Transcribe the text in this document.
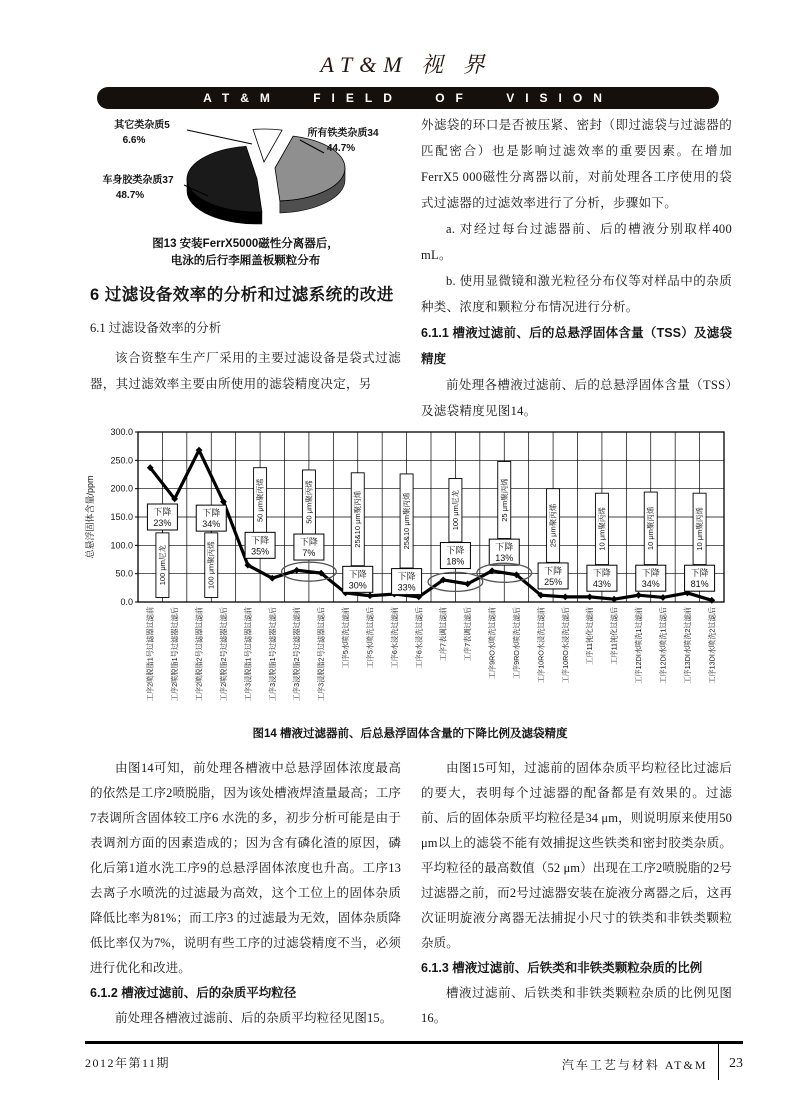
AT&M 视 界
AT&M FIELD OF VISION
所有铁类杂质34
44.7%
车身胶类杂质37
48.7%
其它类杂质5
6.6%
图13 安装FerrX5000磁性分离器后，
电泳的后行李厢盖板颗粒分布
6 过滤设备效率的分析和过滤系统的改进
6.1 过滤设备效率的分析

该合资整车生产厂采用的主要过滤设备是袋式过滤器，其过滤效率主要由所使用的滤袋精度决定，另

外滤袋的环口是否被压紧、密封（即过滤袋与过滤器的匹配密合）也是影响过滤效率的重要因素。在增加FerrX5 000磁性分离器以前，对前处理各工序使用的袋式过滤器的过滤效率进行了分析，步骤如下。

a. 对经过每台过滤器前、后的槽液分别取样400 mL。

b. 使用显微镜和激光粒径分布仪等对样品中的杂质种类、浓度和颗粒分布情况进行分析。

6.1.1 槽液过滤前、后的总悬浮固体含量（TSS）及滤袋精度

前处理各槽液过滤前、后的总悬浮固体含量（TSS）及滤袋精度见图14。

300.0
250.0
200.0
150.0
100.0
50.0
0.0
总悬浮固体含量/ppm
100 μm尼龙
下降
23%
100 μm聚丙烯
下降
34%
50 μm聚丙烯
下降
35%
50 μm聚丙烯
下降
7%
25&10 μm聚丙烯
下降
30%
25&10 μm聚丙烯
下降
33%
100 μm尼龙
下降
18%
25 μm聚丙烯
下降
13%
25 μm聚丙烯
下降
25%
10 μm聚丙烯
下降
43%
10 μm聚丙烯
下降
34%
10 μm聚丙烯
下降
81%
工序2喷脱脂1号过滤器过滤前 工序2喷脱脂1号过滤器过滤后 工序2喷脱脂2号过滤器过滤前 工序2喷脱脂2号过滤器过滤后 工序3浸脱脂1号过滤器过滤前 工序3浸脱脂1号过滤器过滤后 工序3浸脱脂2号过滤器过滤前 工序3浸脱脂2号过滤器过滤后 工序5水喷洗过滤前 工序5水喷洗过滤后 工序6水浸洗过滤前 工序6水浸洗过滤后 工序7表调过滤前 工序7表调过滤后 工序9RO水喷洗过滤前 工序9RO水喷洗过滤后 工序10RO水浸洗过滤前 工序10RO水浸洗过滤后 工序11钝化过滤前 工序11钝化过滤后 工序12DI水喷洗1过滤前 工序12DI水喷洗1过滤后 工序13DI水喷洗2过滤前 工序13DI水喷洗2过滤后
图14 槽液过滤器前、后总悬浮固体含量的下降比例及滤袋精度

由图14可知，前处理各槽液中总悬浮固体浓度最高的依然是工序2喷脱脂，因为该处槽液焊渣量最高；工序7表调所含固体较工序6 水洗的多，初步分析可能是由于表调剂方面的因素造成的；因为含有磷化渣的原因，磷化后第1道水洗工序9的总悬浮固体浓度也升高。工序13 去离子水喷洗的过滤最为高效，这个工位上的固体杂质降低比率为81%；而工序3 的过滤最为无效，固体杂质降低比率仅为7%，说明有些工序的过滤袋精度不当，必须进行优化和改进。

6.1.2 槽液过滤前、后的杂质平均粒径

前处理各槽液过滤前、后的杂质平均粒径见图15。

由图15可知，过滤前的固体杂质平均粒径比过滤后的要大，表明每个过滤器的配备都是有效果的。过滤前、后的固体杂质平均粒径是34 μm，则说明原来使用50 μm以上的滤袋不能有效捕捉这些铁类和密封胶类杂质。平均粒径的最高数值（52 μm）出现在工序2喷脱脂的2号过滤器之前，而2号过滤器安装在旋液分离器之后，这再次证明旋液分离器无法捕捉小尺寸的铁类和非铁类颗粒杂质。

6.1.3 槽液过滤前、后铁类和非铁类颗粒杂质的比例

槽液过滤前、后铁类和非铁类颗粒杂质的比例见图16。

2012年第11期	汽车工艺与材料 AT&M 23
